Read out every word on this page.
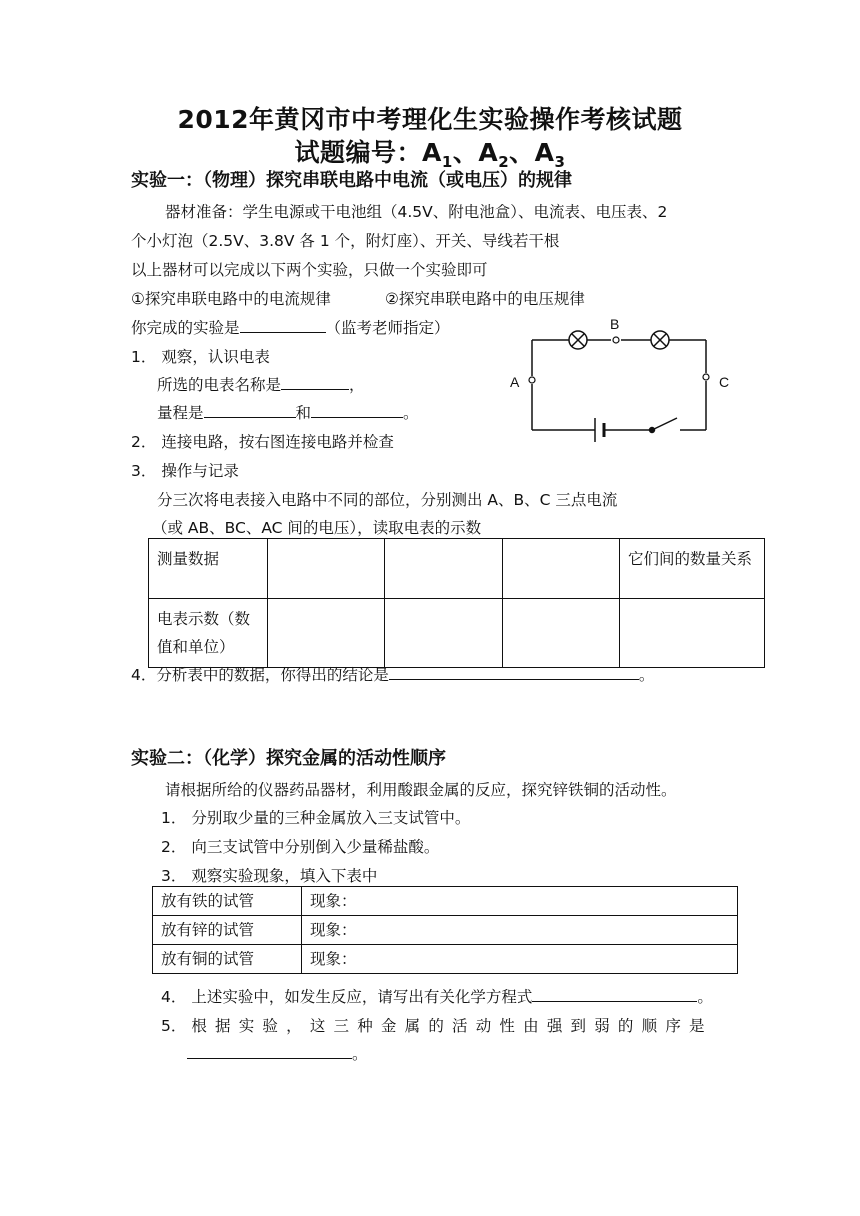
2012年黄冈市中考理化生实验操作考核试题
试题编号：$A_1$、$A_2$、$A_3$
实验一：（物理）探究串联电路中电流（或电压）的规律
器材准备：学生电源或干电池组（4.5V、附电池盒）、电流表、电压表、2
个小灯泡（2.5V、3.8V 各 1 个，附灯座）、开关、导线若干根
以上器材可以完成以下两个实验，只做一个实验即可
①探究串联电路中的电流规律	②探究串联电路中的电压规律
你完成的实验是	（监考老师指定）
1． 观察，认识电表
所选的电表名称是	，
量程是	和	。
2． 连接电路，按右图连接电路并检查
3． 操作与记录
分三次将电表接入电路中不同的部位，分别测出 A、B、C 三点电流
（或 AB、BC、AC 间的电压），读取电表的示数
B
A	C
测量数据				它们间的数量关系
电表示数（数值和单位）				
4．分析表中的数据，你得出的结论是	。
实验二：（化学）探究金属的活动性顺序
请根据所给的仪器药品器材，利用酸跟金属的反应，探究锌铁铜的活动性。
1． 分别取少量的三种金属放入三支试管中。
2． 向三支试管中分别倒入少量稀盐酸。
3． 观察实验现象，填入下表中
放有铁的试管	现象：
放有锌的试管	现象：
放有铜的试管	现象：
4． 上述实验中，如发生反应，请写出有关化学方程式	。
5． 根据实验，这三种金属的活动性由强到弱的顺序是
。
